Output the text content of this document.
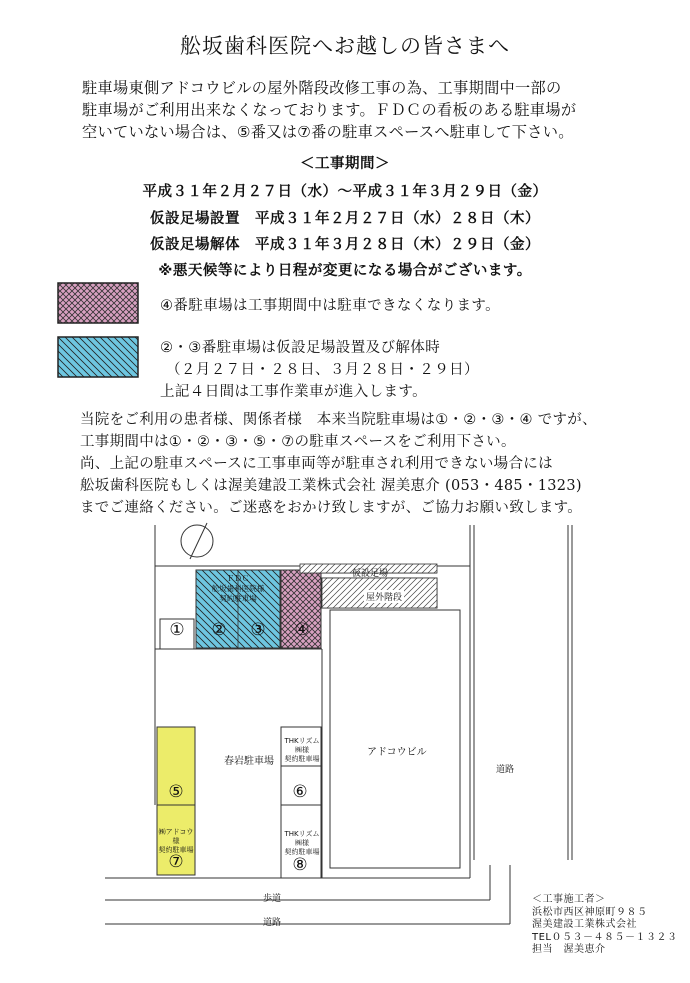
舩坂歯科医院へお越しの皆さまへ
駐車場東側アドコウビルの屋外階段改修工事の為、工事期間中一部の
駐車場がご利用出来なくなっております。ＦＤＣの看板のある駐車場が
空いていない場合は、⑤番又は⑦番の駐車スペースへ駐車して下さい。
＜工事期間＞
平成３１年２月２７日（水）～平成３１年３月２９日（金）
仮設足場設置　平成３１年２月２７日（水）２８日（木）
仮設足場解体　平成３１年３月２８日（木）２９日（金）
※悪天候等により日程が変更になる場合がございます。
④番駐車場は工事期間中は駐車できなくなります。
②・③番駐車場は仮設足場設置及び解体時
（２月２７日・２８日、３月２８日・２９日）
上記４日間は工事作業車が進入します。
当院をご利用の患者様、関係者様　本来当院駐車場は①・②・③・④ ですが、
工事期間中は①・②・③・⑤・⑦の駐車スペースをご利用下さい。
尚、上記の駐車スペースに工事車両等が駐車され利用できない場合には
舩坂歯科医院もしくは渥美建設工業株式会社 渥美恵介 (053・485・1323)
までご連絡ください。ご迷惑をおかけ致しますが、ご協力お願い致します。
ＦＤＣ
舩坂歯科医院様
契約駐車場
仮設足場
屋外階段
① ② ③ ④
春岩駐車場
アドコウビル
道路
THKリズム㈱様
契約駐車場
⑥
THKリズム㈱様
契約駐車場
⑧
⑤
㈱アドコウ様
契約駐車場
⑦
歩道
道路
＜工事施工者＞
浜松市西区神原町９８５
渥美建設工業株式会社
TEL０５３－４８５－１３２３
担当　渥美恵介
